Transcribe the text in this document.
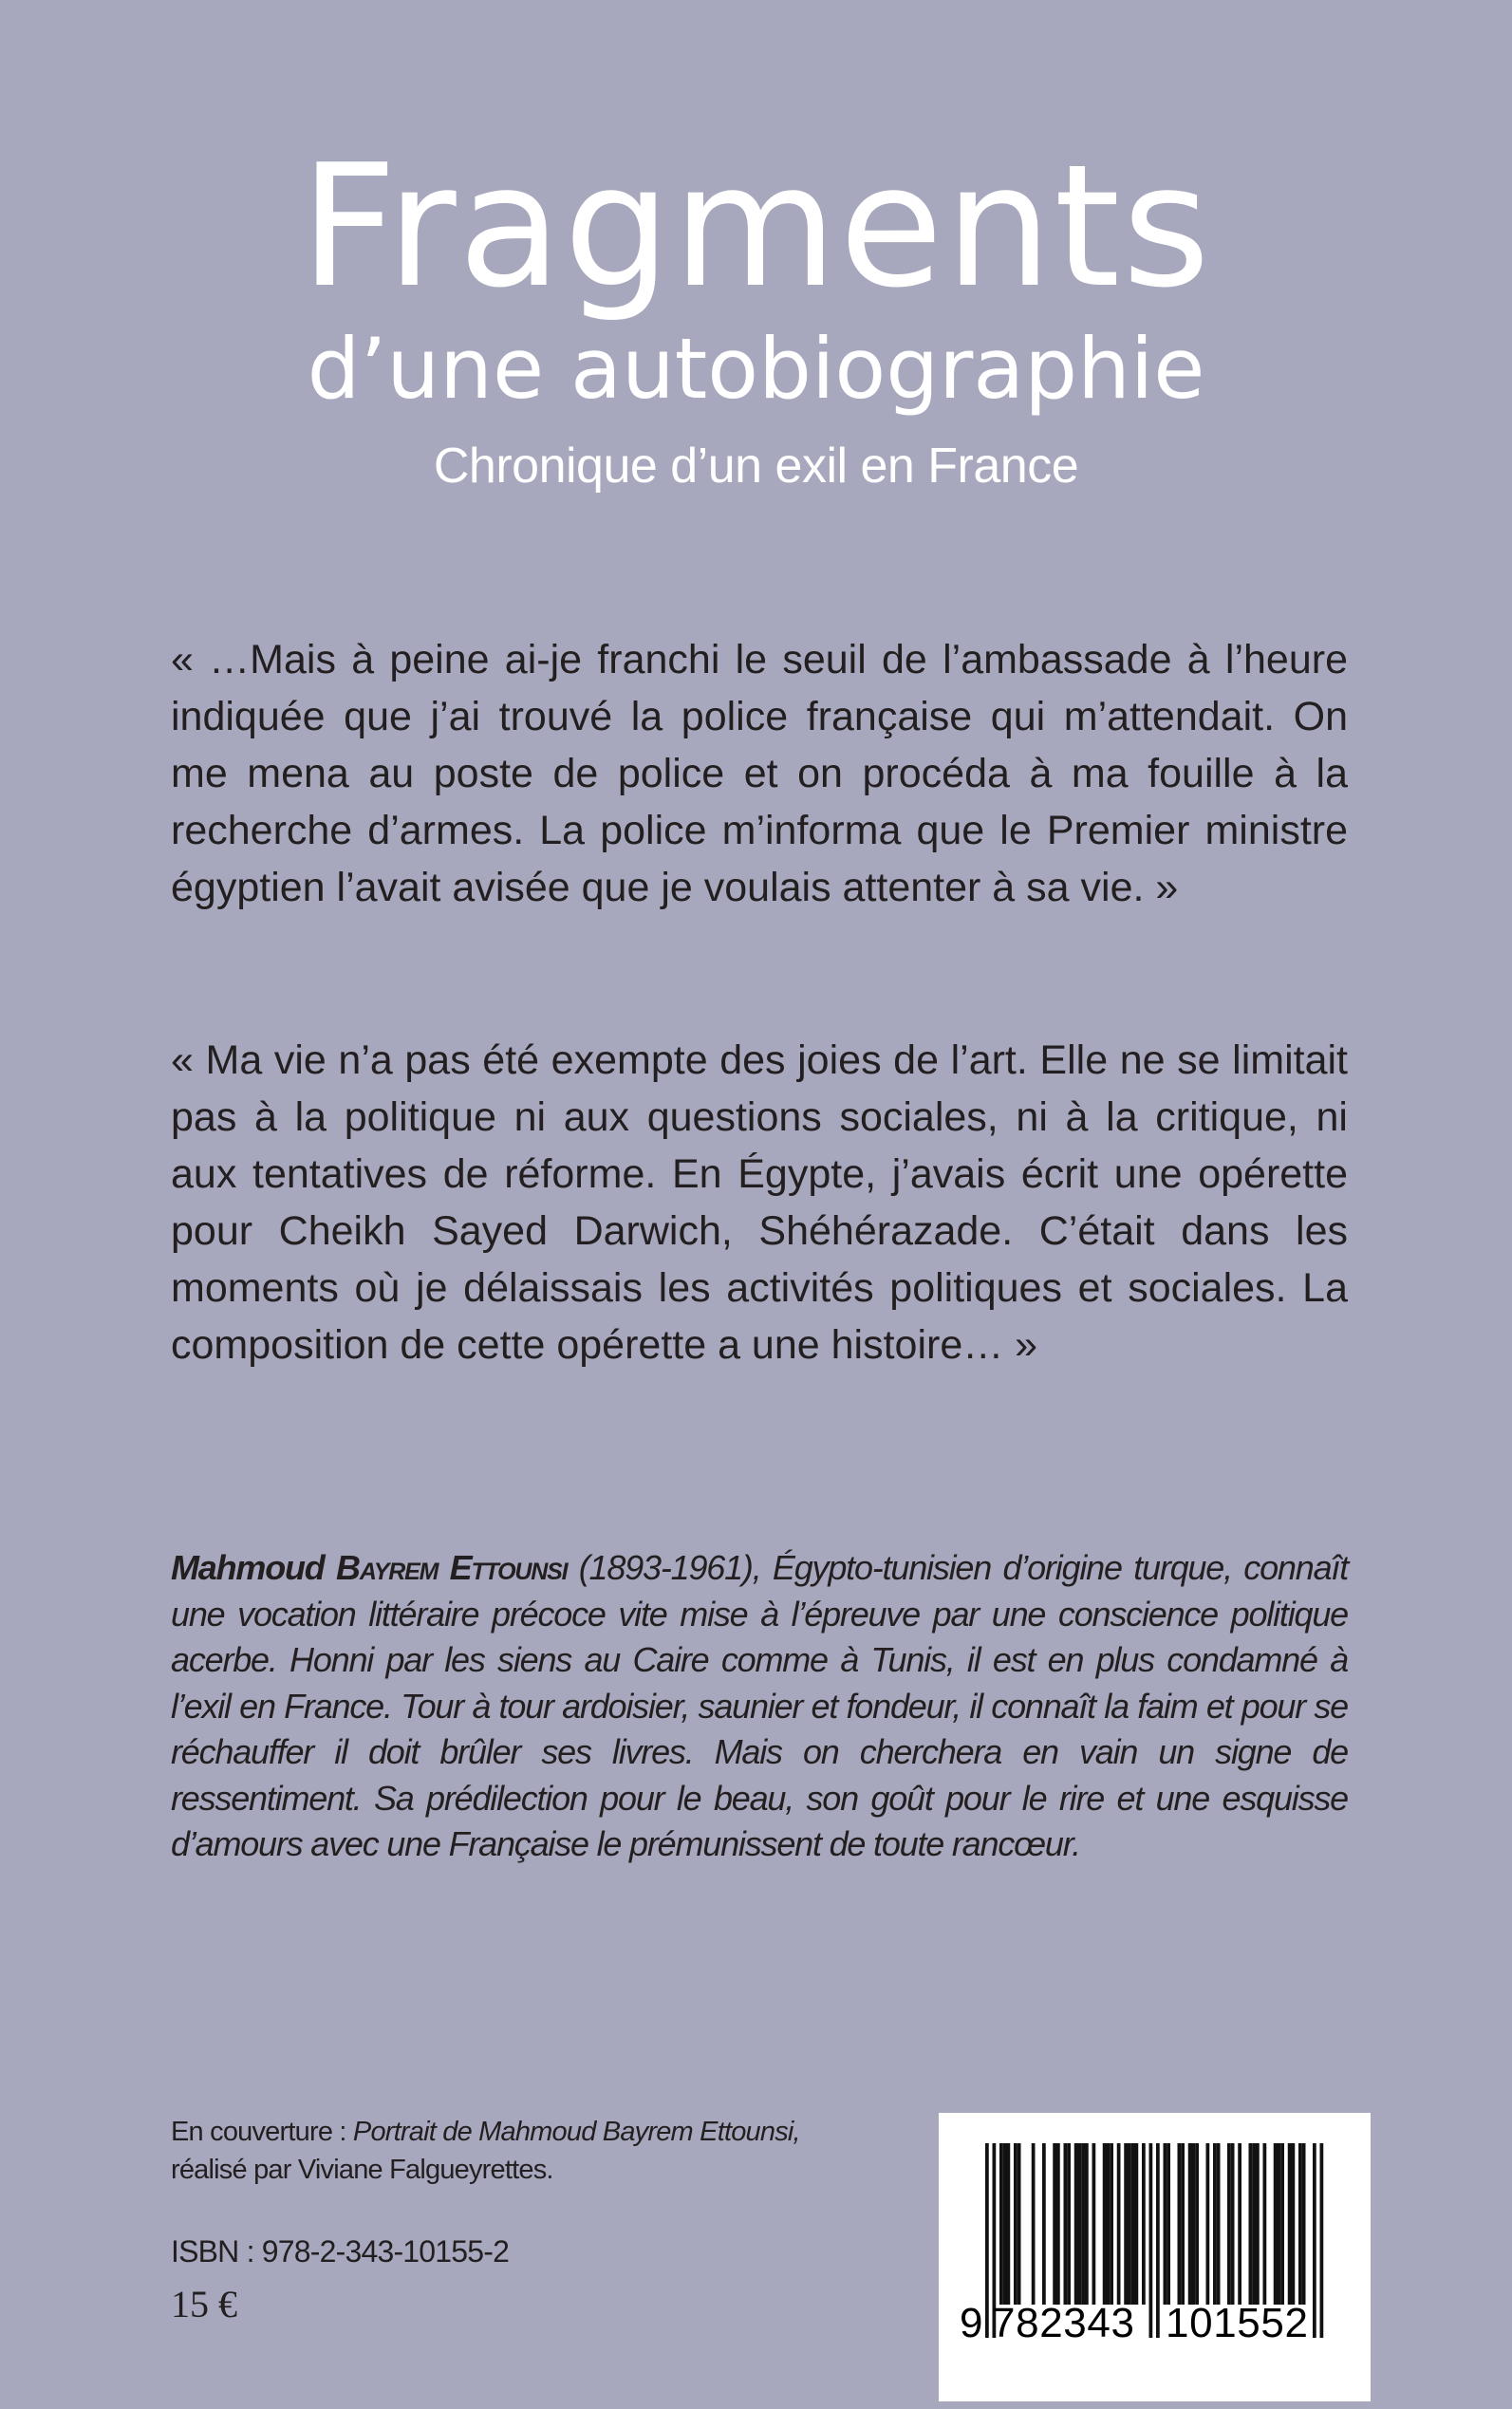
Fragments
d’une autobiographie
Chronique d’un exil en France

« …Mais à peine ai-je franchi le seuil de l’ambassade à l’heure indiquée que j’ai trouvé la police française qui m’attendait. On me mena au poste de police et on procéda à ma fouille à la recherche d’armes. La police m’informa que le Premier ministre égyptien l’avait avisée que je voulais attenter à sa vie. »

« Ma vie n’a pas été exempte des joies de l’art. Elle ne se limitait pas à la politique ni aux questions sociales, ni à la critique, ni aux tentatives de réforme. En Égypte, j’avais écrit une opérette pour Cheikh Sayed Darwich, Shéhérazade. C’était dans les moments où je délaissais les activités politiques et sociales. La composition de cette opérette a une histoire… »

Mahmoud Bayrem Ettounsi (1893-1961), Égypto-tunisien d’origine turque, connaît une vocation littéraire précoce vite mise à l’épreuve par une conscience politique acerbe. Honni par les siens au Caire comme à Tunis, il est en plus condamné à l’exil en France. Tour à tour ardoisier, saunier et fondeur, il connaît la faim et pour se réchauffer il doit brûler ses livres. Mais on cherchera en vain un signe de ressentiment. Sa prédilection pour le beau, son goût pour le rire et une esquisse d’amours avec une Française le prémunissent de toute rancœur.

En couverture : Portrait de Mahmoud Bayrem Ettounsi,
réalisé par Viviane Falgueyrettes.
ISBN : 978-2-343-10155-2
15 €	9 782343 101552
